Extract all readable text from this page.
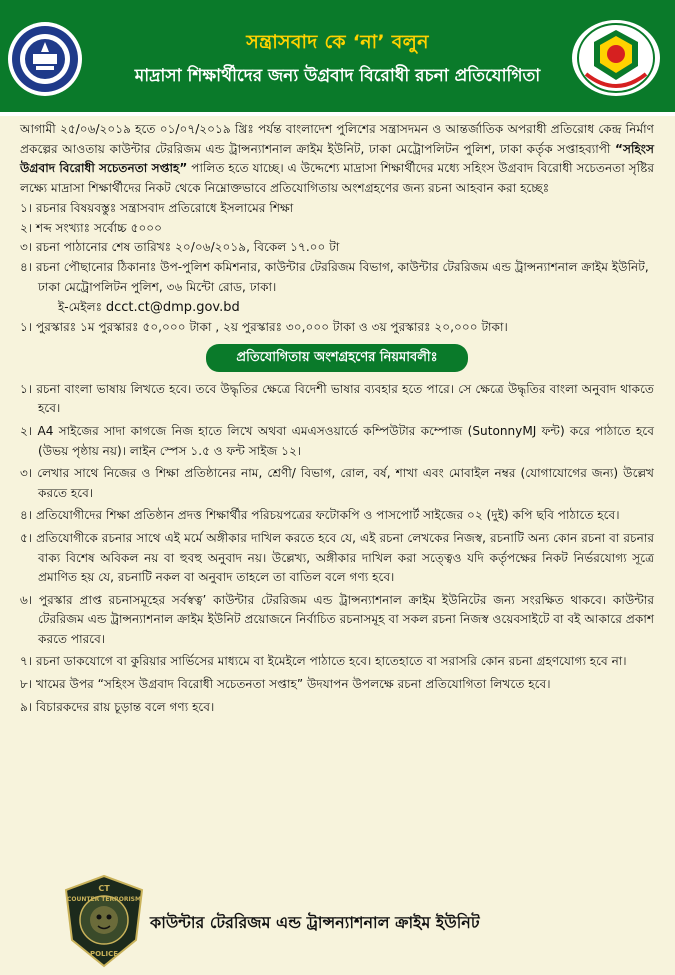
সন্ত্রাসবাদ কে ‘না’ বলুন
মাদ্রাসা শিক্ষার্থীদের জন্য উগ্রবাদ বিরোধী রচনা প্রতিযোগিতা

আগামী ২৫/০৬/২০১৯ হতে ০১/০৭/২০১৯ খ্রিঃ পর্যন্ত বাংলাদেশ পুলিশের সন্ত্রাসদমন ও আন্তর্জাতিক অপরাধী প্রতিরোধ কেন্দ্র নির্মাণ প্রকল্পের আওতায় কাউন্টার টেররিজম এন্ড ট্রান্সন্যাশনাল ক্রাইম ইউনিট, ঢাকা মেট্রোপলিটন পুলিশ, ঢাকা কর্তৃক সপ্তাহব্যাপী “সহিংস উগ্রবাদ বিরোধী সচেতনতা সপ্তাহ” পালিত হতে যাচ্ছে। এ উদ্দেশ্যে মাদ্রাসা শিক্ষার্থীদের মধ্যে সহিংস উগ্রবাদ বিরোধী সচেতনতা সৃষ্টির লক্ষ্যে মাদ্রাসা শিক্ষার্থীদের নিকট থেকে নিম্নোক্তভাবে প্রতিযোগিতায় অংশগ্রহণের জন্য রচনা আহবান করা হচ্ছেঃ

১। রচনার বিষয়বস্তুঃ সন্ত্রাসবাদ প্রতিরোধে ইসলামের শিক্ষা

২। শব্দ সংখ্যাঃ সর্বোচ্চ ৫০০০

৩। রচনা পাঠানোর শেষ তারিখঃ ২০/০৬/২০১৯, বিকেল ১৭.০০ টা

৪। রচনা পৌছানোর ঠিকানাঃ উপ-পুলিশ কমিশনার, কাউন্টার টেররিজম বিভাগ, কাউন্টার টেররিজম এন্ড ট্রান্সন্যাশনাল ক্রাইম ইউনিট, ঢাকা মেট্রোপলিটন পুলিশ, ৩৬ মিন্টো রোড, ঢাকা।

ই-মেইলঃ dcct.ct@dmp.gov.bd

১। পুরস্কারঃ ১ম পুরস্কারঃ ৫০,০০০ টাকা , ২য় পুরস্কারঃ ৩০,০০০ টাকা ও ৩য় পুরস্কারঃ ২০,০০০ টাকা।

প্রতিযোগিতায় অংশগ্রহণের নিয়মাবলীঃ

১। রচনা বাংলা ভাষায় লিখতে হবে। তবে উদ্ধৃতির ক্ষেত্রে বিদেশী ভাষার ব্যবহার হতে পারে। সে ক্ষেত্রে উদ্ধৃতির বাংলা অনুবাদ থাকতে হবে।

২। A4 সাইজের সাদা কাগজে নিজ হাতে লিখে অথবা এমএসওয়ার্ডে কম্পিউটার কম্পোজ (SutonnyMJ ফন্ট) করে পাঠাতে হবে (উভয় পৃষ্ঠায় নয়)। লাইন স্পেস ১.৫ ও ফন্ট সাইজ ১২।

৩। লেখার সাথে নিজের ও শিক্ষা প্রতিষ্ঠানের নাম, শ্রেণী/ বিভাগ, রোল, বর্ষ, শাখা এবং মোবাইল নম্বর (যোগাযোগের জন্য) উল্লেখ করতে হবে।

৪। প্রতিযোগীদের শিক্ষা প্রতিষ্ঠান প্রদত্ত শিক্ষার্থীর পরিচয়পত্রের ফটোকপি ও পাসপোর্ট সাইজের ০২ (দুই) কপি ছবি পাঠাতে হবে।

৫। প্রতিযোগীকে রচনার সাথে এই মর্মে অঙ্গীকার দাখিল করতে হবে যে, এই রচনা লেখকের নিজস্ব, রচনাটি অন্য কোন রচনা বা রচনার বাক্য বিশেষ অবিকল নয় বা হুবহু অনুবাদ নয়। উল্লেখ্য, অঙ্গীকার দাখিল করা সত্ত্বেও যদি কর্তৃপক্ষের নিকট নির্ভরযোগ্য সূত্রে প্রমাণিত হয় যে, রচনাটি নকল বা অনুবাদ তাহলে তা বাতিল বলে গণ্য হবে।

৬। পুরস্কার প্রাপ্ত রচনাসমূহের সর্বস্বত্ব’ কাউন্টার টেররিজম এন্ড ট্রান্সন্যাশনাল ক্রাইম ইউনিটের জন্য সংরক্ষিত থাকবে। কাউন্টার টেররিজম এন্ড ট্রান্সন্যাশনাল ক্রাইম ইউনিট প্রয়োজনে নির্বাচিত রচনাসমূহ বা সকল রচনা নিজস্ব ওয়েবসাইটে বা বই আকারে প্রকাশ করতে পারবে।

৭। রচনা ডাকযোগে বা কুরিয়ার সার্ভিসের মাধ্যমে বা ইমেইলে পাঠাতে হবে। হাতেহাতে বা সরাসরি কোন রচনা গ্রহণযোগ্য হবে না।

৮। খামের উপর “সহিংস উগ্রবাদ বিরোধী সচেতনতা সপ্তাহ” উদযাপন উপলক্ষে রচনা প্রতিযোগিতা লিখতে হবে।

৯। বিচারকদের রায় চূড়ান্ত বলে গণ্য হবে।

CT
COUNTER TERRORISM
POLICE
কাউন্টার টেররিজম এন্ড ট্রান্সন্যাশনাল ক্রাইম ইউনিট
